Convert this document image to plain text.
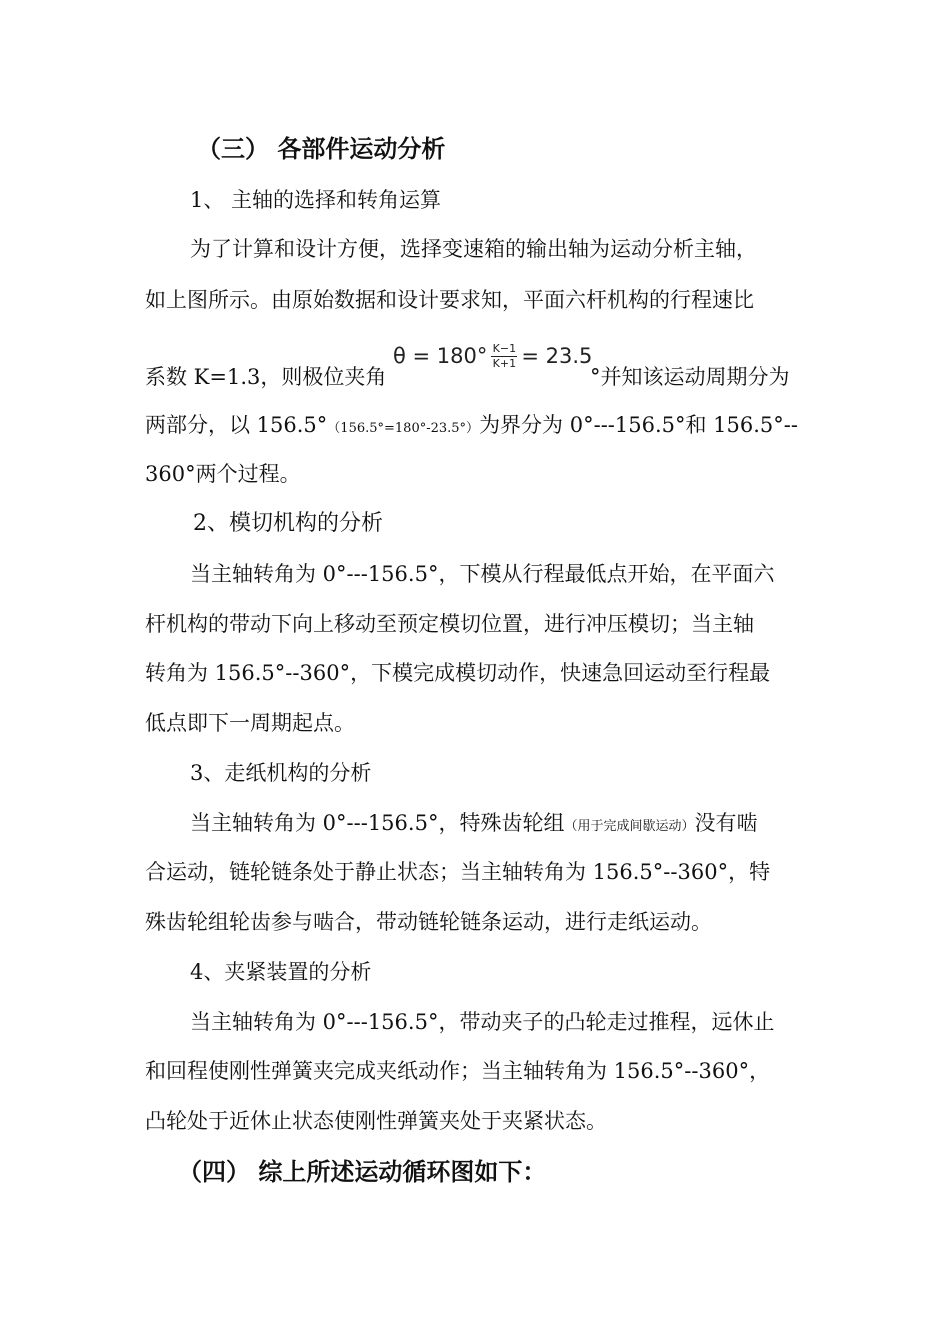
（三） 各部件运动分析
1、 主轴的选择和转角运算
为了计算和设计方便，选择变速箱的输出轴为运动分析主轴，
如上图所示。由原始数据和设计要求知，平面六杆机构的行程速比
系数 K=1.3，则极位夹角
$\theta = 180^\circ \frac{K-1}{K+1} = 23.5$
°并知该运动周期分为
两部分，以 156.5°（156.5°=180°-23.5°）为界分为 0°---156.5°和 156.5°--
360°两个过程。
2、模切机构的分析
当主轴转角为 0°---156.5°，下模从行程最低点开始，在平面六
杆机构的带动下向上移动至预定模切位置，进行冲压模切；当主轴
转角为 156.5°--360°，下模完成模切动作，快速急回运动至行程最
低点即下一周期起点。
3、走纸机构的分析
当主轴转角为 0°---156.5°，特殊齿轮组（用于完成间歇运动）没有啮
合运动，链轮链条处于静止状态；当主轴转角为 156.5°--360°，特
殊齿轮组轮齿参与啮合，带动链轮链条运动，进行走纸运动。
4、夹紧装置的分析
当主轴转角为 0°---156.5°，带动夹子的凸轮走过推程，远休止
和回程使刚性弹簧夹完成夹纸动作；当主轴转角为 156.5°--360°，
凸轮处于近休止状态使刚性弹簧夹处于夹紧状态。
（四） 综上所述运动循环图如下：
